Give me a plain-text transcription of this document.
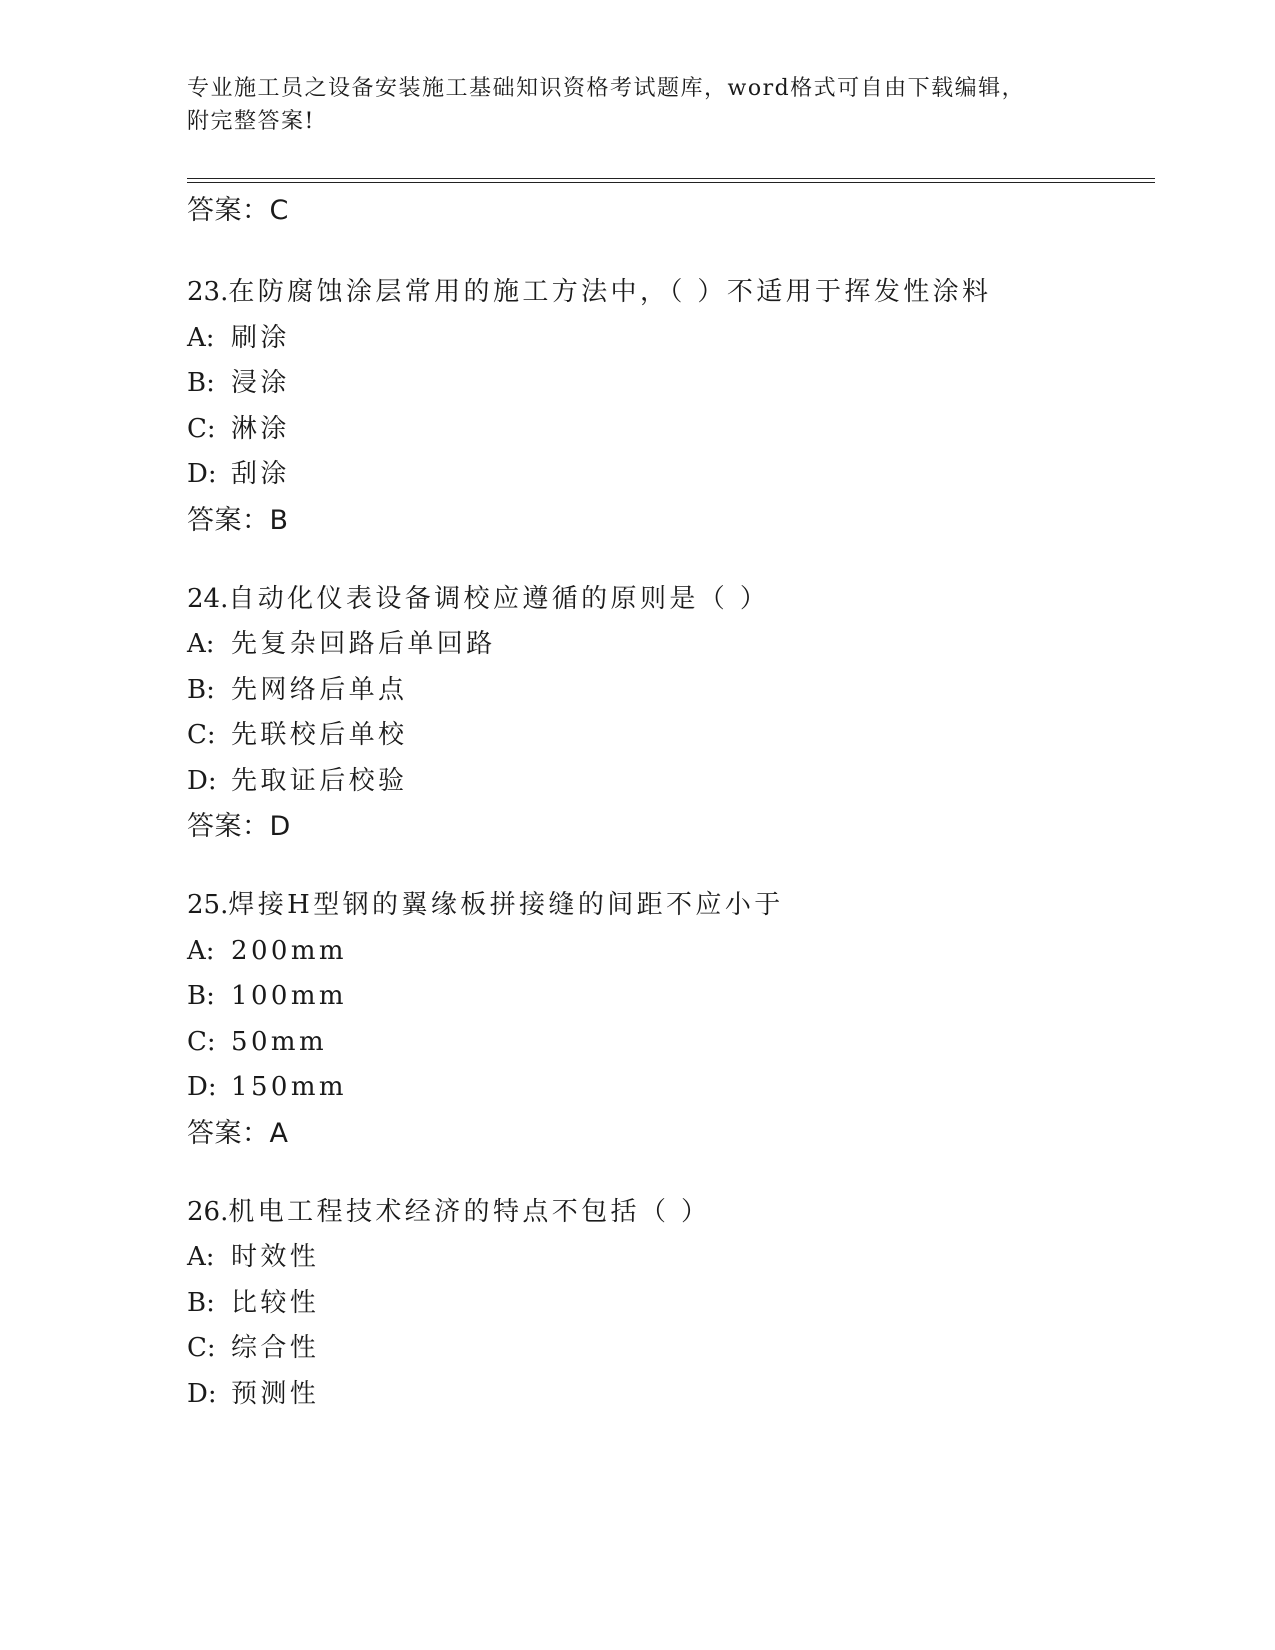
专业施工员之设备安装施工基础知识资格考试题库，word格式可自由下载编辑，
附完整答案!
答案：C
23.在防腐蚀涂层常用的施工方法中，（ ）不适用于挥发性涂料
A: 刷涂
B: 浸涂
C: 淋涂
D: 刮涂
答案：B
24.自动化仪表设备调校应遵循的原则是（ ）
A: 先复杂回路后单回路
B: 先网络后单点
C: 先联校后单校
D: 先取证后校验
答案：D
25.焊接H型钢的翼缘板拼接缝的间距不应小于
A: 200mm
B: 100mm
C: 50mm
D: 150mm
答案：A
26.机电工程技术经济的特点不包括（ ）
A: 时效性
B: 比较性
C: 综合性
D: 预测性
